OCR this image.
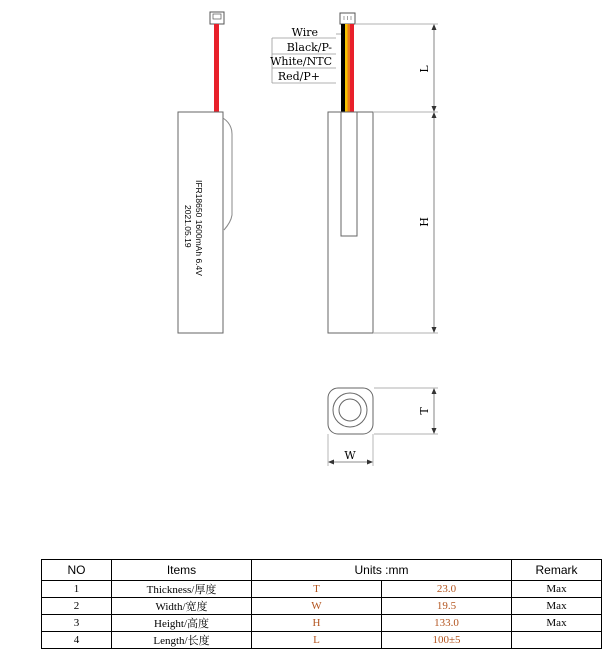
IFR18650 1600mAh 6.4V
2021.05.19
Wire
Black/P-
White/NTC
Red/P+
L
H
T
W
NO	Items	Units :mm		Remark
1	Thickness/厚度	T	23.0	Max
2	Width/宽度	W	19.5	Max
3	Height/高度	H	133.0	Max
4	Length/长度	L	100±5	
